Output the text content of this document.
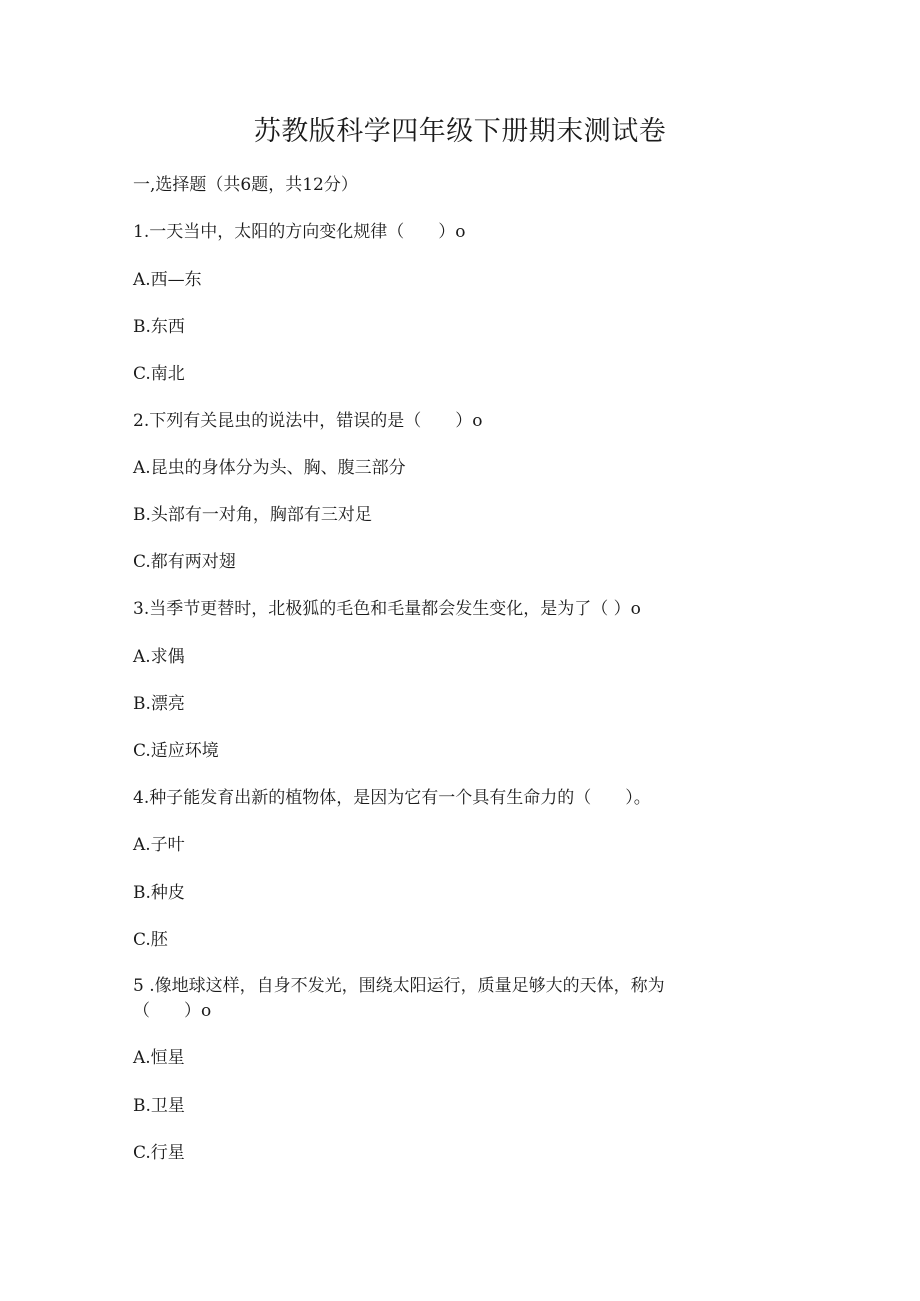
苏教版科学四年级下册期末测试卷
一,选择题（共6题，共12分）
1.一天当中，太阳的方向变化规律（　　）o
A.西—东
B.东西
C.南北
2.下列有关昆虫的说法中，错误的是（　　）o
A.昆虫的身体分为头、胸、腹三部分
B.头部有一对角，胸部有三对足
C.都有两对翅
3.当季节更替时，北极狐的毛色和毛量都会发生变化，是为了（ ）o
A.求偶
B.漂亮
C.适应环境
4.种子能发育出新的植物体，是因为它有一个具有生命力的（　　）。
A.子叶
B.种皮
C.胚
5 .像地球这样，自身不发光，围绕太阳运行，质量足够大的天体，称为
（　　）o
A.恒星
B.卫星
C.行星
